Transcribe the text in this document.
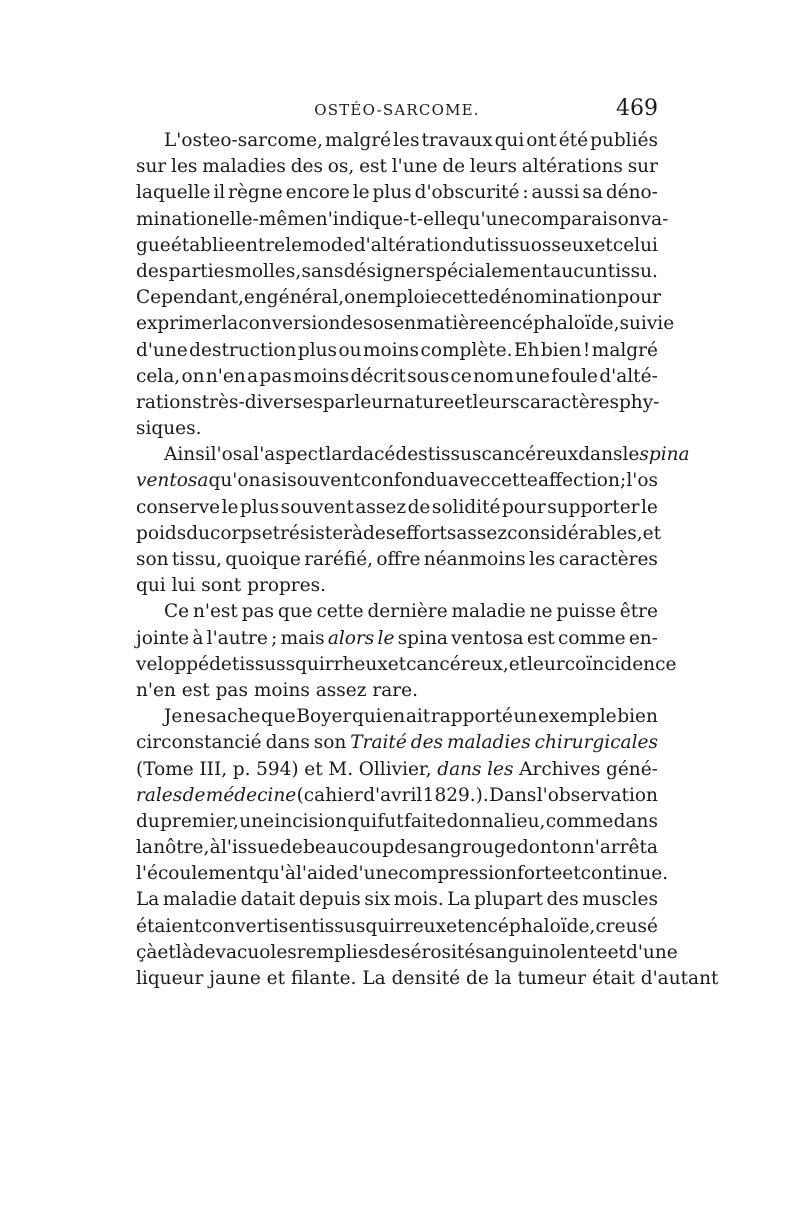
OSTÉO-SARCOME.	469
L'osteo-sarcome, malgré les travaux qui ont été publiés
sur les maladies des os, est l'une de leurs altérations sur
laquelle il règne encore le plus d'obscurité : aussi sa déno-
mination elle-même n'indique-t-elle qu'une comparaison va-
gue établie entre le mode d'altération du tissu osseux et celui
des parties molles, sans désigner spécialement aucun tissu.
Cependant, en général, on emploie cette dénomination pour
exprimer la conversion des os en matière encéphaloïde, suivie
d'une destruction plus ou moins complète. Eh bien ! malgré
cela, on n'en a pas moins décrit sous ce nom une foule d'alté-
rations très-diverses par leur nature et leurs caractères phy-
siques.
Ainsi l'os a l'aspect lardacé des tissus cancéreux dans le spina
ventosa qu'on a si souvent confondu avec cette affection ; l'os
conserve le plus souvent assez de solidité pour supporter le
poids du corps et résister à des efforts assez considérables, et
son tissu, quoique raréfié, offre néanmoins les caractères
qui lui sont propres.
Ce n'est pas que cette dernière maladie ne puisse être
jointe à l'autre ; mais alors le spina ventosa est comme en-
veloppé de tissus squirrheux et cancéreux, et leur coïncidence
n'en est pas moins assez rare.
Je ne sache que Boyer qui en ait rapporté un exemple bien
circonstancié dans son Traité des maladies chirurgicales
(Tome III, p. 594) et M. Ollivier, dans les Archives géné-
rales de médecine (cahier d'avril 1829.). Dans l'observation
du premier, une incision qui fut faite donna lieu, comme dans
la nôtre, à l'issue de beaucoup de sang rouge dont on n'arrêta
l'écoulement qu'à l'aide d'une compression forte et continue.
La maladie datait depuis six mois. La plupart des muscles
étaient convertis en tissu squirreux et encéphaloïde, creusé
çà et là de vacuoles remplies de sérosité sanguinolente et d'une
liqueur jaune et filante. La densité de la tumeur était d'autant
